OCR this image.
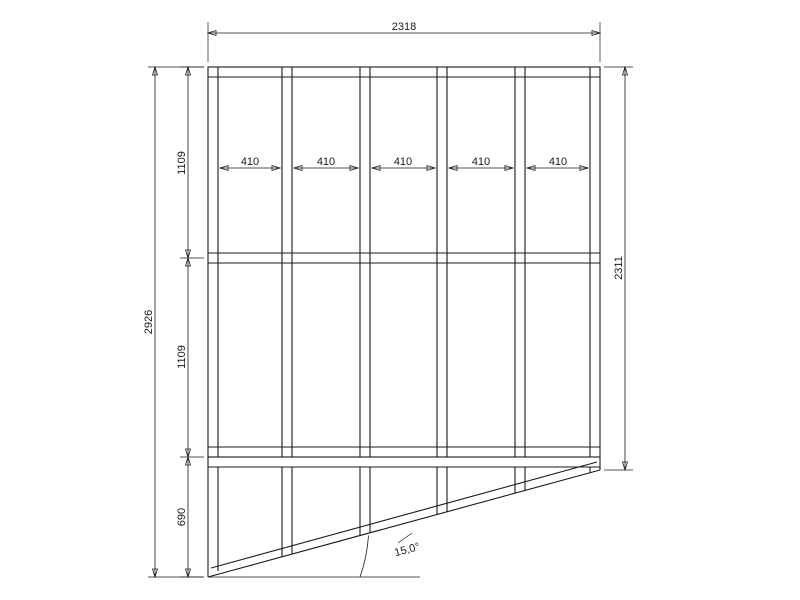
2318
2926
2311
1109
1109
690
410	410	410	410	410
15,0°
